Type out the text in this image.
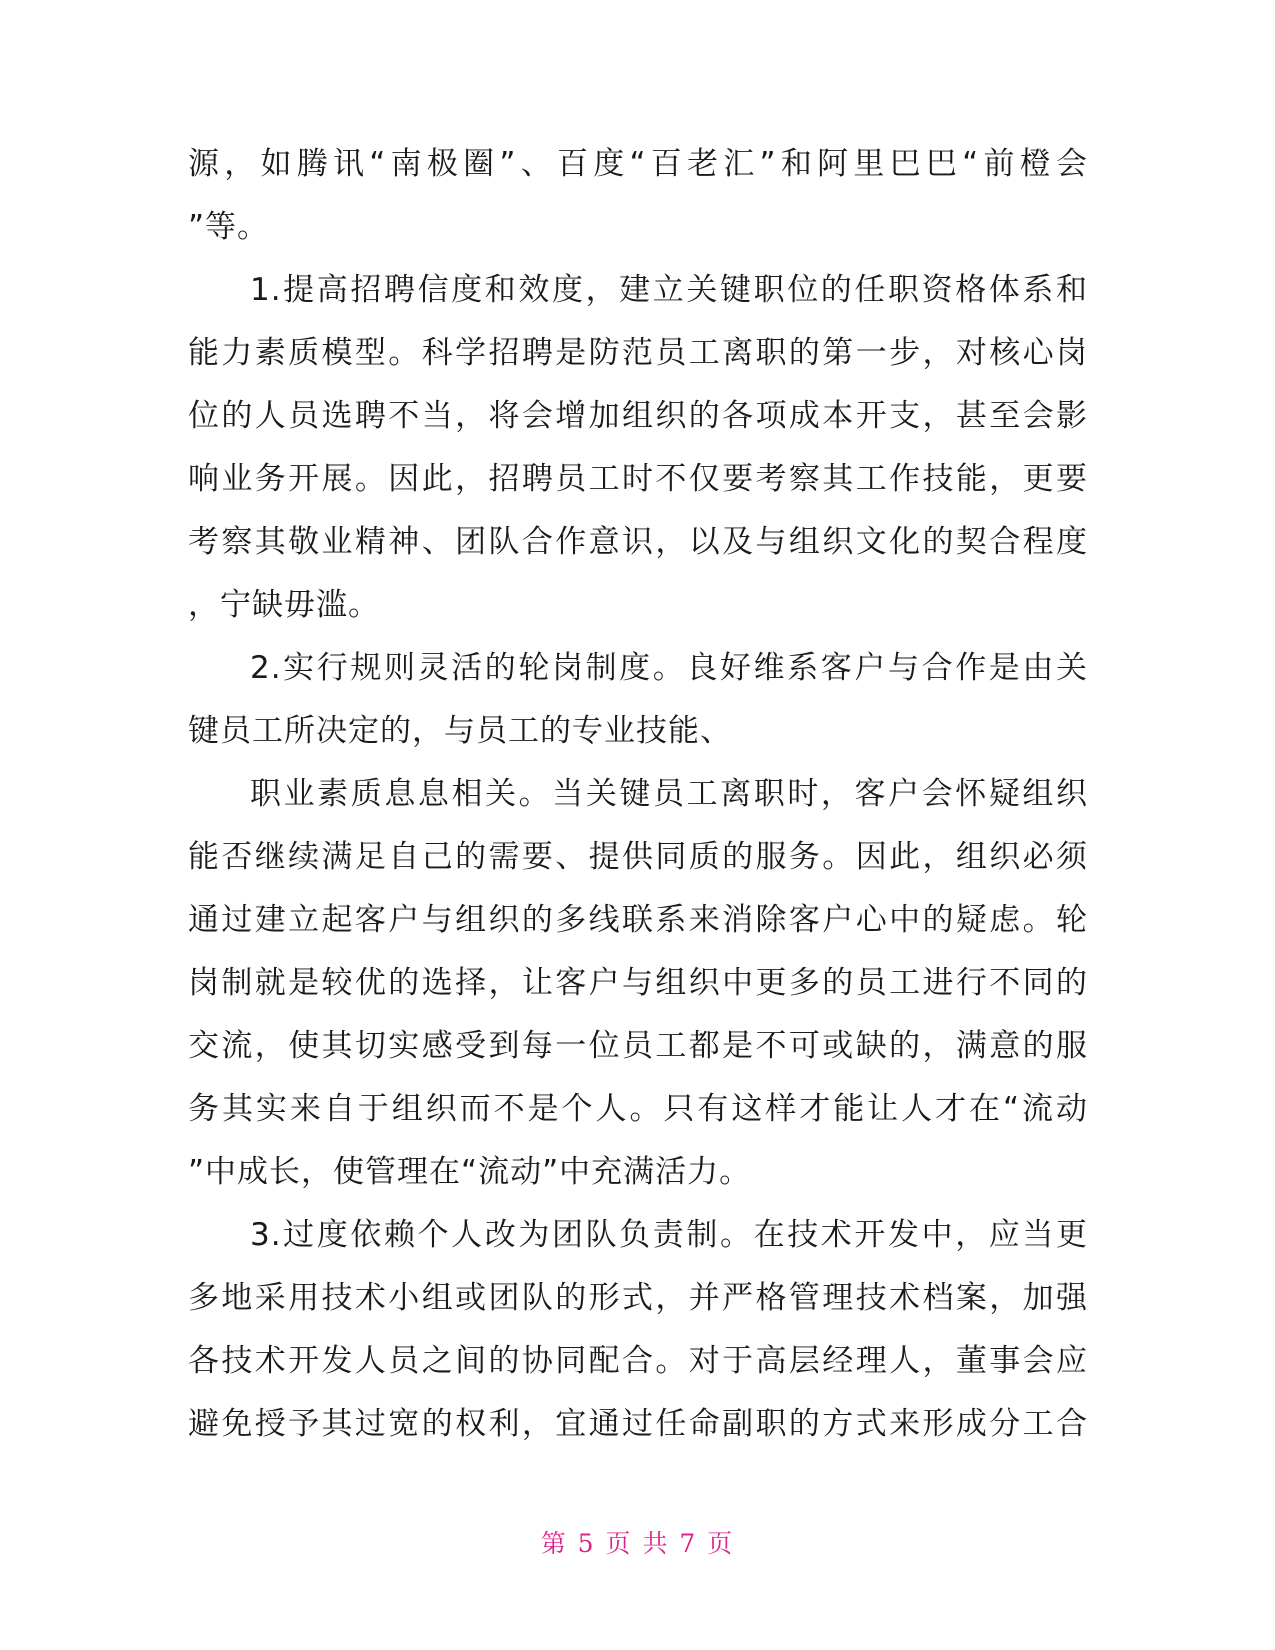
源，如腾讯“南极圈”、百度“百老汇”和阿里巴巴“前橙会
”等。
1.提高招聘信度和效度，建立关键职位的任职资格体系和
能力素质模型。科学招聘是防范员工离职的第一步，对核心岗
位的人员选聘不当，将会增加组织的各项成本开支，甚至会影
响业务开展。因此，招聘员工时不仅要考察其工作技能，更要
考察其敬业精神、团队合作意识，以及与组织文化的契合程度
，宁缺毋滥。
2.实行规则灵活的轮岗制度。良好维系客户与合作是由关
键员工所决定的，与员工的专业技能、
职业素质息息相关。当关键员工离职时，客户会怀疑组织
能否继续满足自己的需要、提供同质的服务。因此，组织必须
通过建立起客户与组织的多线联系来消除客户心中的疑虑。轮
岗制就是较优的选择，让客户与组织中更多的员工进行不同的
交流，使其切实感受到每一位员工都是不可或缺的，满意的服
务其实来自于组织而不是个人。只有这样才能让人才在“流动
”中成长，使管理在“流动”中充满活力。
3.过度依赖个人改为团队负责制。在技术开发中，应当更
多地采用技术小组或团队的形式，并严格管理技术档案，加强
各技术开发人员之间的协同配合。对于高层经理人，董事会应
避免授予其过宽的权利，宜通过任命副职的方式来形成分工合
第 5 页 共 7 页
